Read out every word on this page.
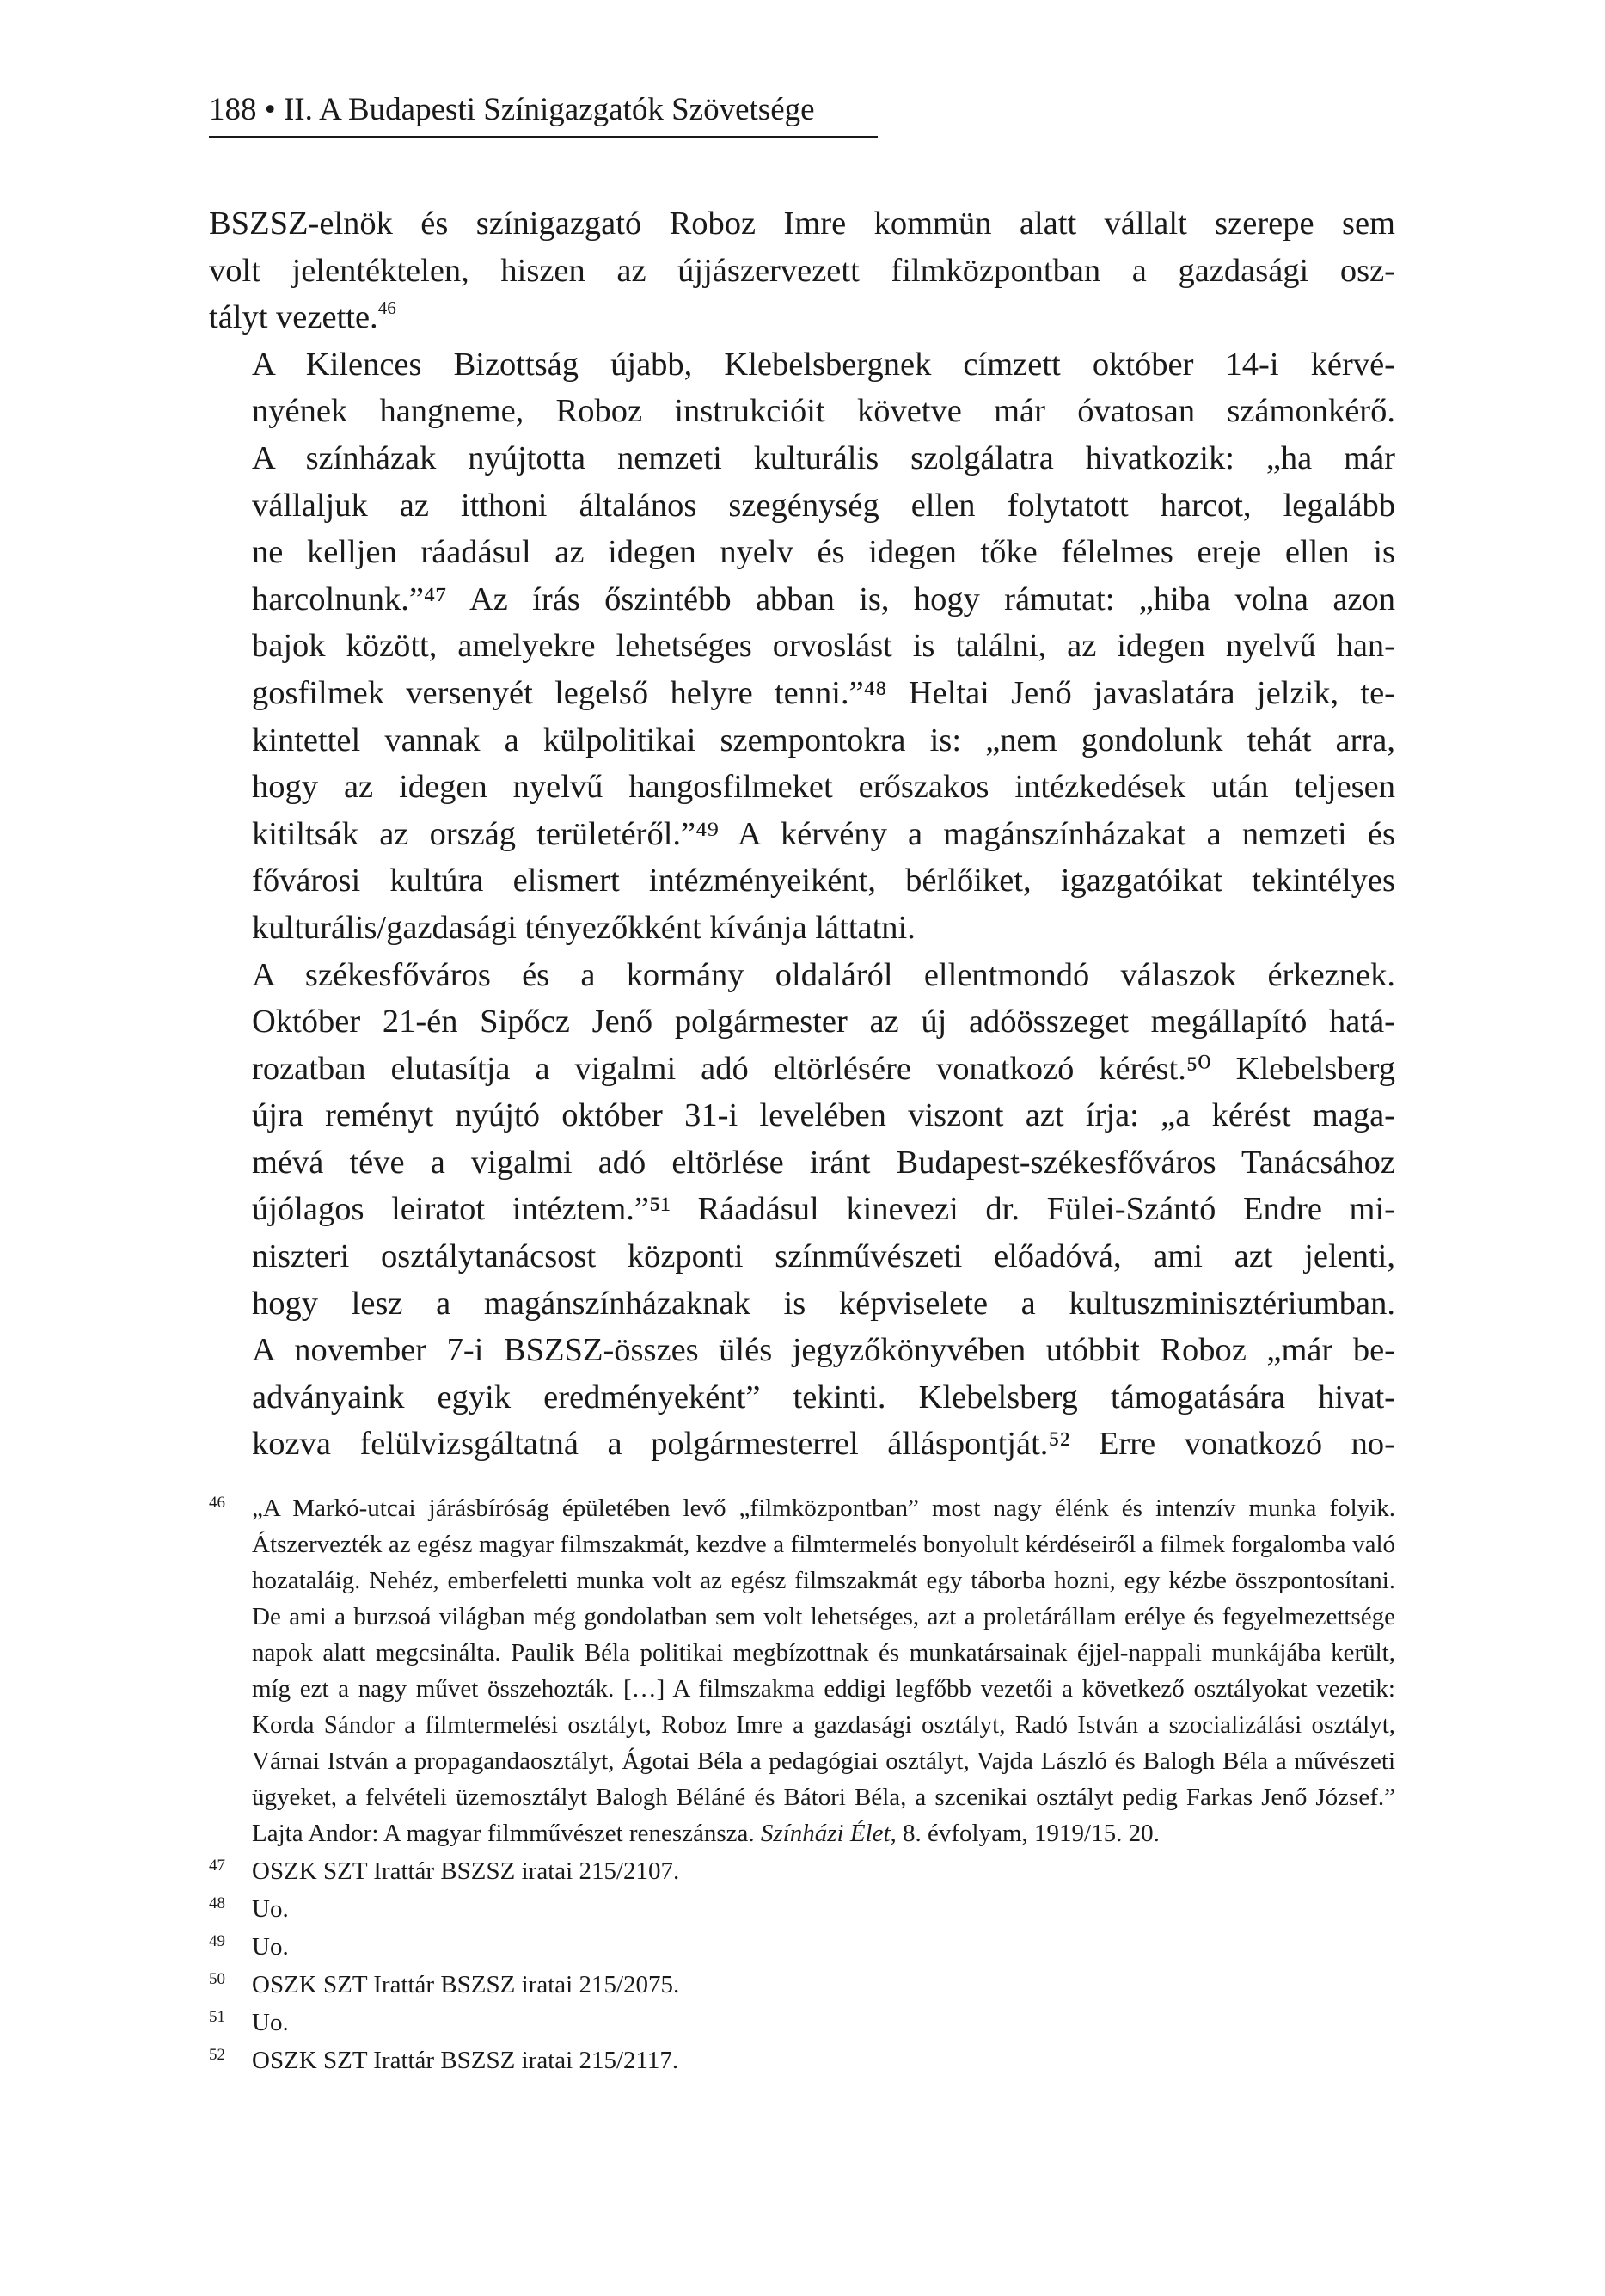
188 • II. A Budapesti Színigazgatók Szövetsége

BSZSZ-elnök és színigazgató Roboz Imre kommün alatt vállalt szerepe sem
volt jelentéktelen, hiszen az újjászervezett filmközpontban a gazdasági osz-
tályt vezette.$^{46}$

A Kilences Bizottság újabb, Klebelsbergnek címzett október 14-i kérvé-
nyének hangneme, Roboz instrukcióit követve már óvatosan számonkérő.
A színházak nyújtotta nemzeti kulturális szolgálatra hivatkozik: „ha már
vállaljuk az itthoni általános szegénység ellen folytatott harcot, legalább
ne kelljen ráadásul az idegen nyelv és idegen tőke félelmes ereje ellen is
harcolnunk.”⁴⁷ Az írás őszintébb abban is, hogy rámutat: „hiba volna azon
bajok között, amelyekre lehetséges orvoslást is találni, az idegen nyelvű han-
gosfilmek versenyét legelső helyre tenni.”⁴⁸ Heltai Jenő javaslatára jelzik, te-
kintettel vannak a külpolitikai szempontokra is: „nem gondolunk tehát arra,
hogy az idegen nyelvű hangosfilmeket erőszakos intézkedések után teljesen
kitiltsák az ország területéről.”⁴⁹ A kérvény a magánszínházakat a nemzeti és
fővárosi kultúra elismert intézményeiként, bérlőiket, igazgatóikat tekintélyes
kulturális/gazdasági tényezőkként kívánja láttatni.

A székesfőváros és a kormány oldaláról ellentmondó válaszok érkeznek.
Október 21-én Sipőcz Jenő polgármester az új adóösszeget megállapító hatá-
rozatban elutasítja a vigalmi adó eltörlésére vonatkozó kérést.⁵⁰ Klebelsberg
újra reményt nyújtó október 31-i levelében viszont azt írja: „a kérést maga-
mévá téve a vigalmi adó eltörlése iránt Budapest-székesfőváros Tanácsához
újólagos leiratot intéztem.”⁵¹ Ráadásul kinevezi dr. Fülei-Szántó Endre mi-
niszteri osztálytanácsost központi színművészeti előadóvá, ami azt jelenti,
hogy lesz a magánszínházaknak is képviselete a kultuszminisztériumban.
A november 7-i BSZSZ-összes ülés jegyzőkönyvében utóbbit Roboz „már be-
adványaink egyik eredményeként” tekinti. Klebelsberg támogatására hivat-
kozva felülvizsgáltatná a polgármesterrel álláspontját.⁵² Erre vonatkozó no-

46 „A Markó-utcai járásbíróság épületében levő „filmközpontban” most nagy élénk és intenzív munka folyik. Átszervezték az egész magyar filmszakmát, kezdve a filmtermelés bonyolult kérdéseiről a filmek forgalomba való hozataláig. Nehéz, emberfeletti munka volt az egész filmszakmát egy táborba hozni, egy kézbe összpontosítani. De ami a burzsoá világban még gondolatban sem volt lehetséges, azt a proletárállam erélye és fegyelmezettsége napok alatt megcsinálta. Paulik Béla politikai megbízottnak és munkatársainak éjjel-nappali munkájába került, míg ezt a nagy művet összehozták. […] A filmszakma eddigi legfőbb vezetői a következő osztályokat vezetik: Korda Sándor a filmtermelési osztályt, Roboz Imre a gazdasági osztályt, Radó István a szocializálási osztályt, Várnai István a propagandaosztályt, Ágotai Béla a pedagógiai osztályt, Vajda László és Balogh Béla a művészeti ügyeket, a felvételi üzemosztályt Balogh Béláné és Bátori Béla, a szcenikai osztályt pedig Farkas Jenő József.” Lajta Andor: A magyar filmművészet reneszánsza. Színházi Élet, 8. évfolyam, 1919/15. 20.
47 OSZK SZT Irattár BSZSZ iratai 215/2107.
48 Uo.
49 Uo.
50 OSZK SZT Irattár BSZSZ iratai 215/2075.
51 Uo.
52 OSZK SZT Irattár BSZSZ iratai 215/2117.
